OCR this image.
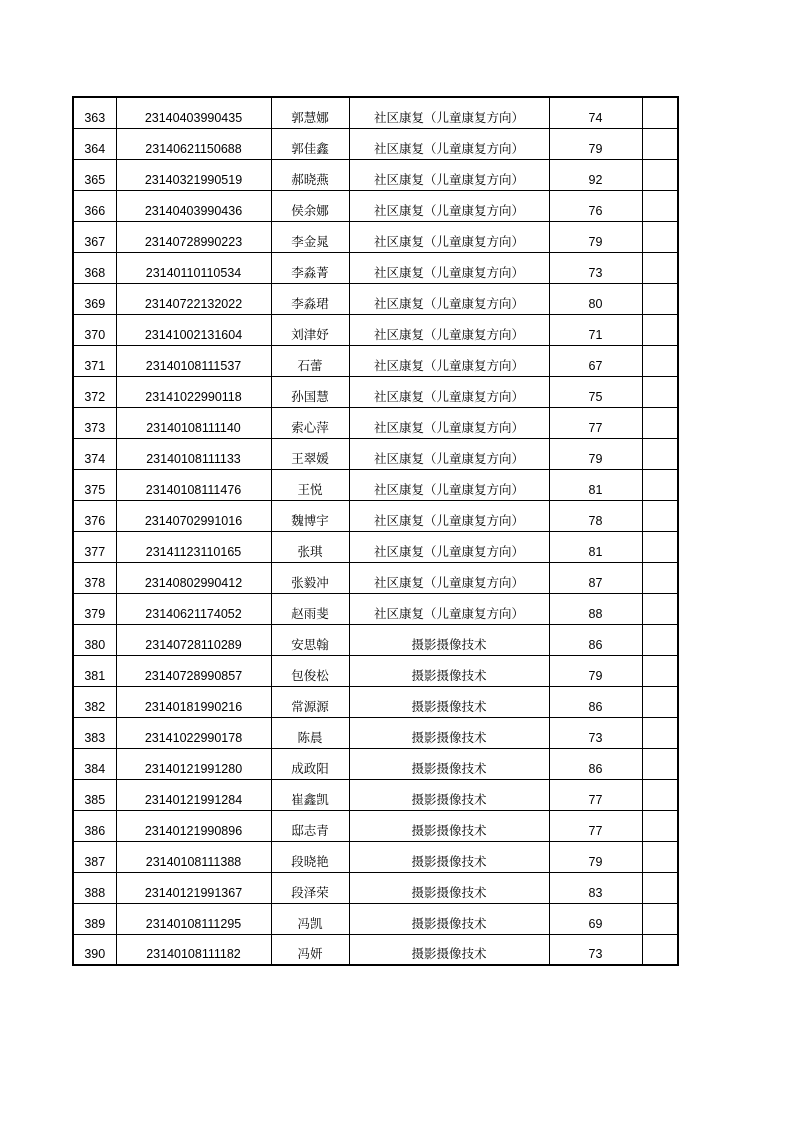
363	23140403990435	郭慧娜	社区康复（儿童康复方向）	74	
364	23140621150688	郭佳鑫	社区康复（儿童康复方向）	79	
365	23140321990519	郝晓燕	社区康复（儿童康复方向）	92	
366	23140403990436	侯余娜	社区康复（儿童康复方向）	76	
367	23140728990223	李金晁	社区康复（儿童康复方向）	79	
368	23140110110534	李淼菁	社区康复（儿童康复方向）	73	
369	23140722132022	李淼珺	社区康复（儿童康复方向）	80	
370	23141002131604	刘津妤	社区康复（儿童康复方向）	71	
371	23140108111537	石蕾	社区康复（儿童康复方向）	67	
372	23141022990118	孙国慧	社区康复（儿童康复方向）	75	
373	23140108111140	索心萍	社区康复（儿童康复方向）	77	
374	23140108111133	王翠媛	社区康复（儿童康复方向）	79	
375	23140108111476	王悦	社区康复（儿童康复方向）	81	
376	23140702991016	魏博宇	社区康复（儿童康复方向）	78	
377	23141123110165	张琪	社区康复（儿童康复方向）	81	
378	23140802990412	张毅冲	社区康复（儿童康复方向）	87	
379	23140621174052	赵雨斐	社区康复（儿童康复方向）	88	
380	23140728110289	安思翰	摄影摄像技术	86	
381	23140728990857	包俊松	摄影摄像技术	79	
382	23140181990216	常源源	摄影摄像技术	86	
383	23141022990178	陈晨	摄影摄像技术	73	
384	23140121991280	成政阳	摄影摄像技术	86	
385	23140121991284	崔鑫凯	摄影摄像技术	77	
386	23140121990896	邸志青	摄影摄像技术	77	
387	23140108111388	段晓艳	摄影摄像技术	79	
388	23140121991367	段泽荣	摄影摄像技术	83	
389	23140108111295	冯凯	摄影摄像技术	69	
390	23140108111182	冯妍	摄影摄像技术	73	
